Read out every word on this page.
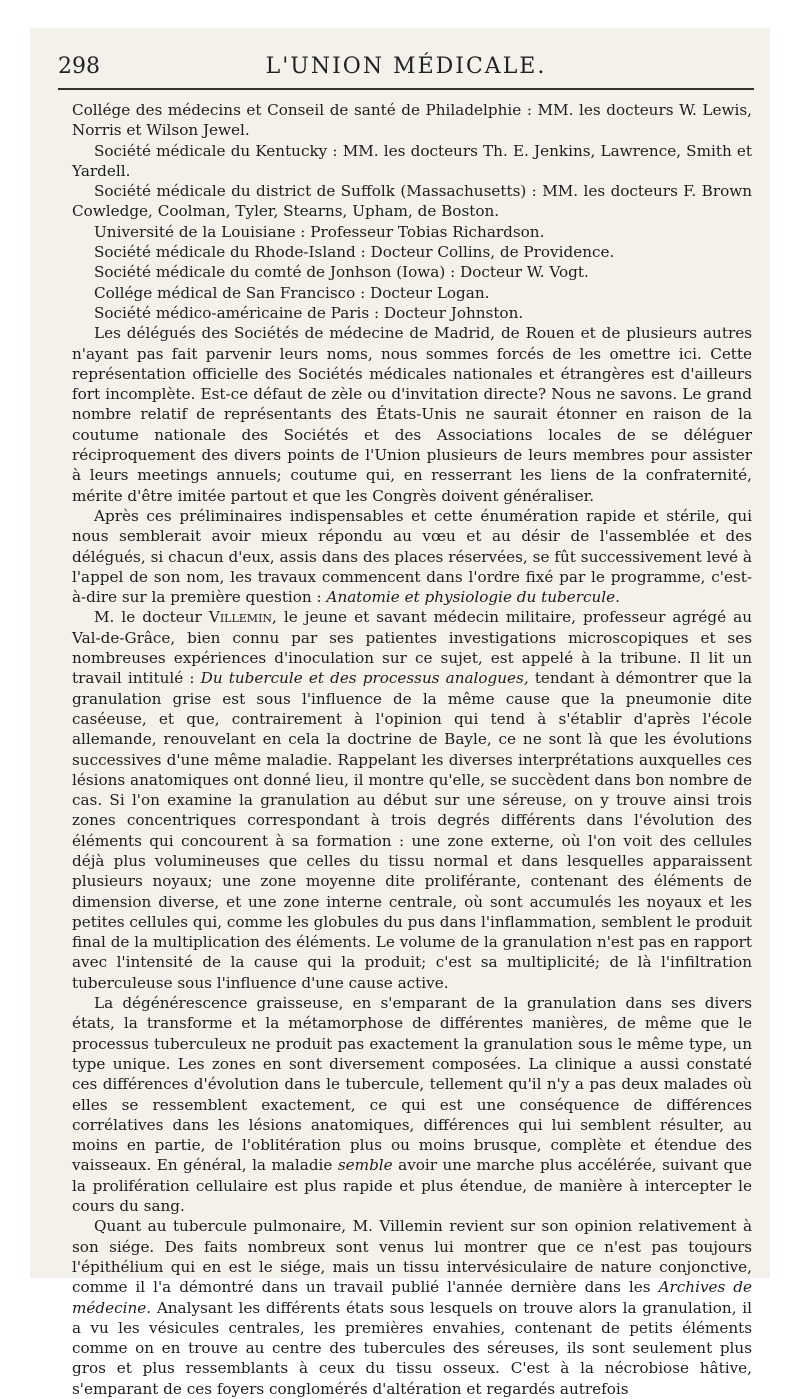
298	L'UNION MÉDICALE.

Collége des médecins et Conseil de santé de Philadelphie : MM. les docteurs W. Lewis, Norris et Wilson Jewel.

Société médicale du Kentucky : MM. les docteurs Th. E. Jenkins, Lawrence, Smith et Yardell.

Société médicale du district de Suffolk (Massachusetts) : MM. les docteurs F. Brown Cowledge, Coolman, Tyler, Stearns, Upham, de Boston.

Université de la Louisiane : Professeur Tobias Richardson.

Société médicale du Rhode-Island : Docteur Collins, de Providence.

Société médicale du comté de Jonhson (Iowa) : Docteur W. Vogt.

Collége médical de San Francisco : Docteur Logan.

Société médico-américaine de Paris : Docteur Johnston.

Les délégués des Sociétés de médecine de Madrid, de Rouen et de plusieurs autres n'ayant pas fait parvenir leurs noms, nous sommes forcés de les omettre ici. Cette représentation officielle des Sociétés médicales nationales et étrangères est d'ailleurs fort incomplète. Est-ce défaut de zèle ou d'invitation directe? Nous ne savons. Le grand nombre relatif de représentants des États-Unis ne saurait étonner en raison de la coutume nationale des Sociétés et des Associations locales de se déléguer réciproquement des divers points de l'Union plusieurs de leurs membres pour assister à leurs meetings annuels; coutume qui, en resserrant les liens de la confraternité, mérite d'être imitée partout et que les Congrès doivent généraliser.

Après ces préliminaires indispensables et cette énumération rapide et stérile, qui nous semblerait avoir mieux répondu au vœu et au désir de l'assemblée et des délégués, si chacun d'eux, assis dans des places réservées, se fût successivement levé à l'appel de son nom, les travaux commencent dans l'ordre fixé par le programme, c'est-à-dire sur la première question : Anatomie et physiologie du tubercule.

M. le docteur Villemin, le jeune et savant médecin militaire, professeur agrégé au Val-de-Grâce, bien connu par ses patientes investigations microscopiques et ses nombreuses expériences d'inoculation sur ce sujet, est appelé à la tribune. Il lit un travail intitulé : Du tubercule et des processus analogues, tendant à démontrer que la granulation grise est sous l'influence de la même cause que la pneumonie dite caséeuse, et que, contrairement à l'opinion qui tend à s'établir d'après l'école allemande, renouvelant en cela la doctrine de Bayle, ce ne sont là que les évolutions successives d'une même maladie. Rappelant les diverses interprétations auxquelles ces lésions anatomiques ont donné lieu, il montre qu'elle, se succèdent dans bon nombre de cas. Si l'on examine la granulation au début sur une séreuse, on y trouve ainsi trois zones concentriques correspondant à trois degrés différents dans l'évolution des éléments qui concourent à sa formation : une zone externe, où l'on voit des cellules déjà plus volumineuses que celles du tissu normal et dans lesquelles apparaissent plusieurs noyaux; une zone moyenne dite proliférante, contenant des éléments de dimension diverse, et une zone interne centrale, où sont accumulés les noyaux et les petites cellules qui, comme les globules du pus dans l'inflammation, semblent le produit final de la multiplication des éléments. Le volume de la granulation n'est pas en rapport avec l'intensité de la cause qui la produit; c'est sa multiplicité; de là l'infiltration tuberculeuse sous l'influence d'une cause active.

La dégénérescence graisseuse, en s'emparant de la granulation dans ses divers états, la transforme et la métamorphose de différentes manières, de même que le processus tuberculeux ne produit pas exactement la granulation sous le même type, un type unique. Les zones en sont diversement composées. La clinique a aussi constaté ces différences d'évolution dans le tubercule, tellement qu'il n'y a pas deux malades où elles se ressemblent exactement, ce qui est une conséquence de différences corrélatives dans les lésions anatomiques, différences qui lui semblent résulter, au moins en partie, de l'oblitération plus ou moins brusque, complète et étendue des vaisseaux. En général, la maladie semble avoir une marche plus accélérée, suivant que la prolifération cellulaire est plus rapide et plus étendue, de manière à intercepter le cours du sang.

Quant au tubercule pulmonaire, M. Villemin revient sur son opinion relativement à son siége. Des faits nombreux sont venus lui montrer que ce n'est pas toujours l'épithélium qui en est le siége, mais un tissu intervésiculaire de nature conjonctive, comme il l'a démontré dans un travail publié l'année dernière dans les Archives de médecine. Analysant les différents états sous lesquels on trouve alors la granulation, il a vu les vésicules centrales, les premières envahies, contenant de petits éléments comme on en trouve au centre des tubercules des séreuses, ils sont seulement plus gros et plus ressemblants à ceux du tissu osseux. C'est à la nécrobiose hâtive, s'emparant de ces foyers conglomérés d'altération et regardés autrefois
